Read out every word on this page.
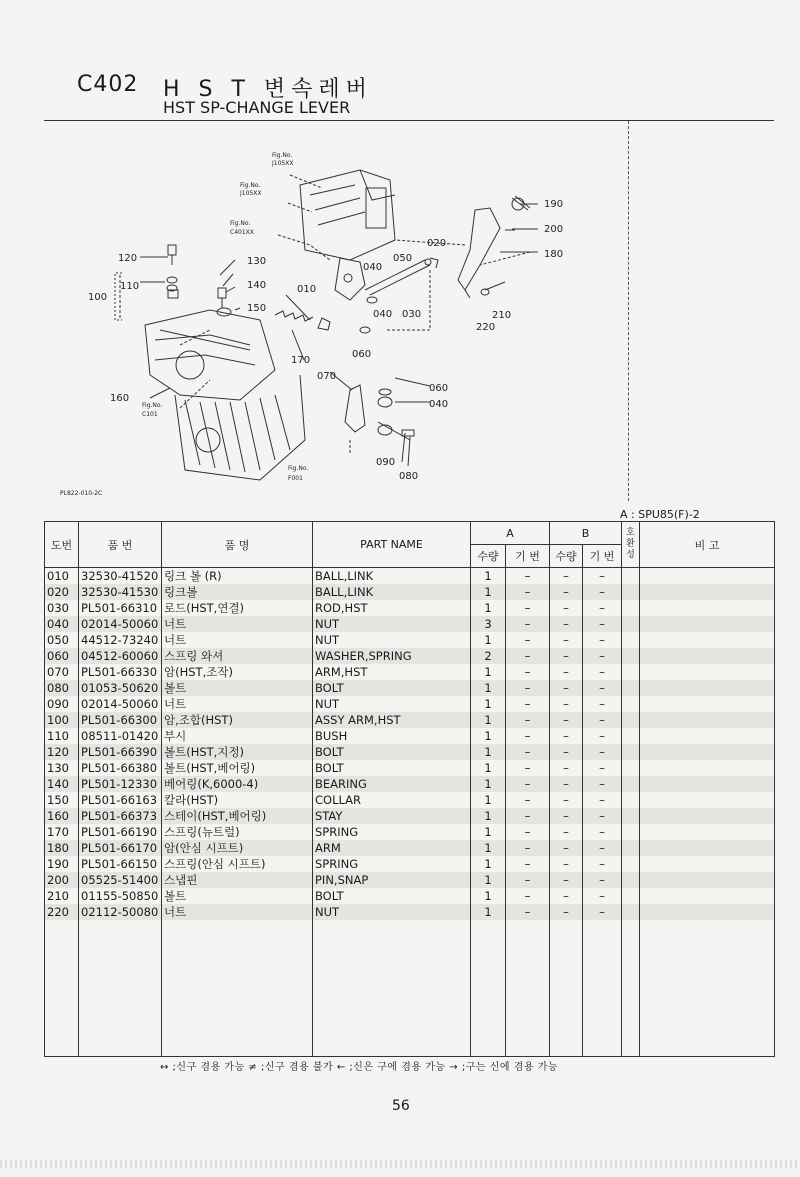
C402 H S T 변속레버
HST SP-CHANGE LEVER
Fig.No.
J105XX
Fig.No.
J105XX
Fig.No.
C401XX
Fig.No.
C101
Fig.No.
F001
190
200
180
020
040
050
120	130
140
110
100
150
010
040 030
060
170
210
220
070
060
040
160
090
080
PL822-010-2C
A : SPU85(F)-2
도번	품 번	품 명	PART NAME	A		B		호환성	비 고
				수량	기 번	수량	기 번		
010	32530-41520	링크 볼 (R)	BALL,LINK	1	–	–	–		
020	32530-41530	링크볼	BALL,LINK	1	–	–	–		
030	PL501-66310	로드(HST,연결)	ROD,HST	1	–	–	–		
040	02014-50060	너트	NUT	3	–	–	–		
050	44512-73240	너트	NUT	1	–	–	–		
060	04512-60060	스프링 와셔	WASHER,SPRING	2	–	–	–		
070	PL501-66330	암(HST,조작)	ARM,HST	1	–	–	–		
080	01053-50620	볼트	BOLT	1	–	–	–		
090	02014-50060	너트	NUT	1	–	–	–		
100	PL501-66300	암,조합(HST)	ASSY ARM,HST	1	–	–	–		
110	08511-01420	부시	BUSH	1	–	–	–		
120	PL501-66390	볼트(HST,지정)	BOLT	1	–	–	–		
130	PL501-66380	볼트(HST,베어링)	BOLT	1	–	–	–		
140	PL501-12330	베어링(K,6000-4)	BEARING	1	–	–	–		
150	PL501-66163	칼라(HST)	COLLAR	1	–	–	–		
160	PL501-66373	스테이(HST,베어링)	STAY	1	–	–	–		
170	PL501-66190	스프링(뉴트럴)	SPRING	1	–	–	–		
180	PL501-66170	암(안심 시프트)	ARM	1	–	–	–		
190	PL501-66150	스프링(안심 시프트)	SPRING	1	–	–	–		
200	05525-51400	스냅핀	PIN,SNAP	1	–	–	–		
210	01155-50850	볼트	BOLT	1	–	–	–		
220	02112-50080	너트	NUT	1	–	–	–		

↔ ;신구 겸용 가능 ≠ ;신구 겸용 불가 ← ;신은 구에 겸용 가능 → ;구는 신에 겸용 가능
56
